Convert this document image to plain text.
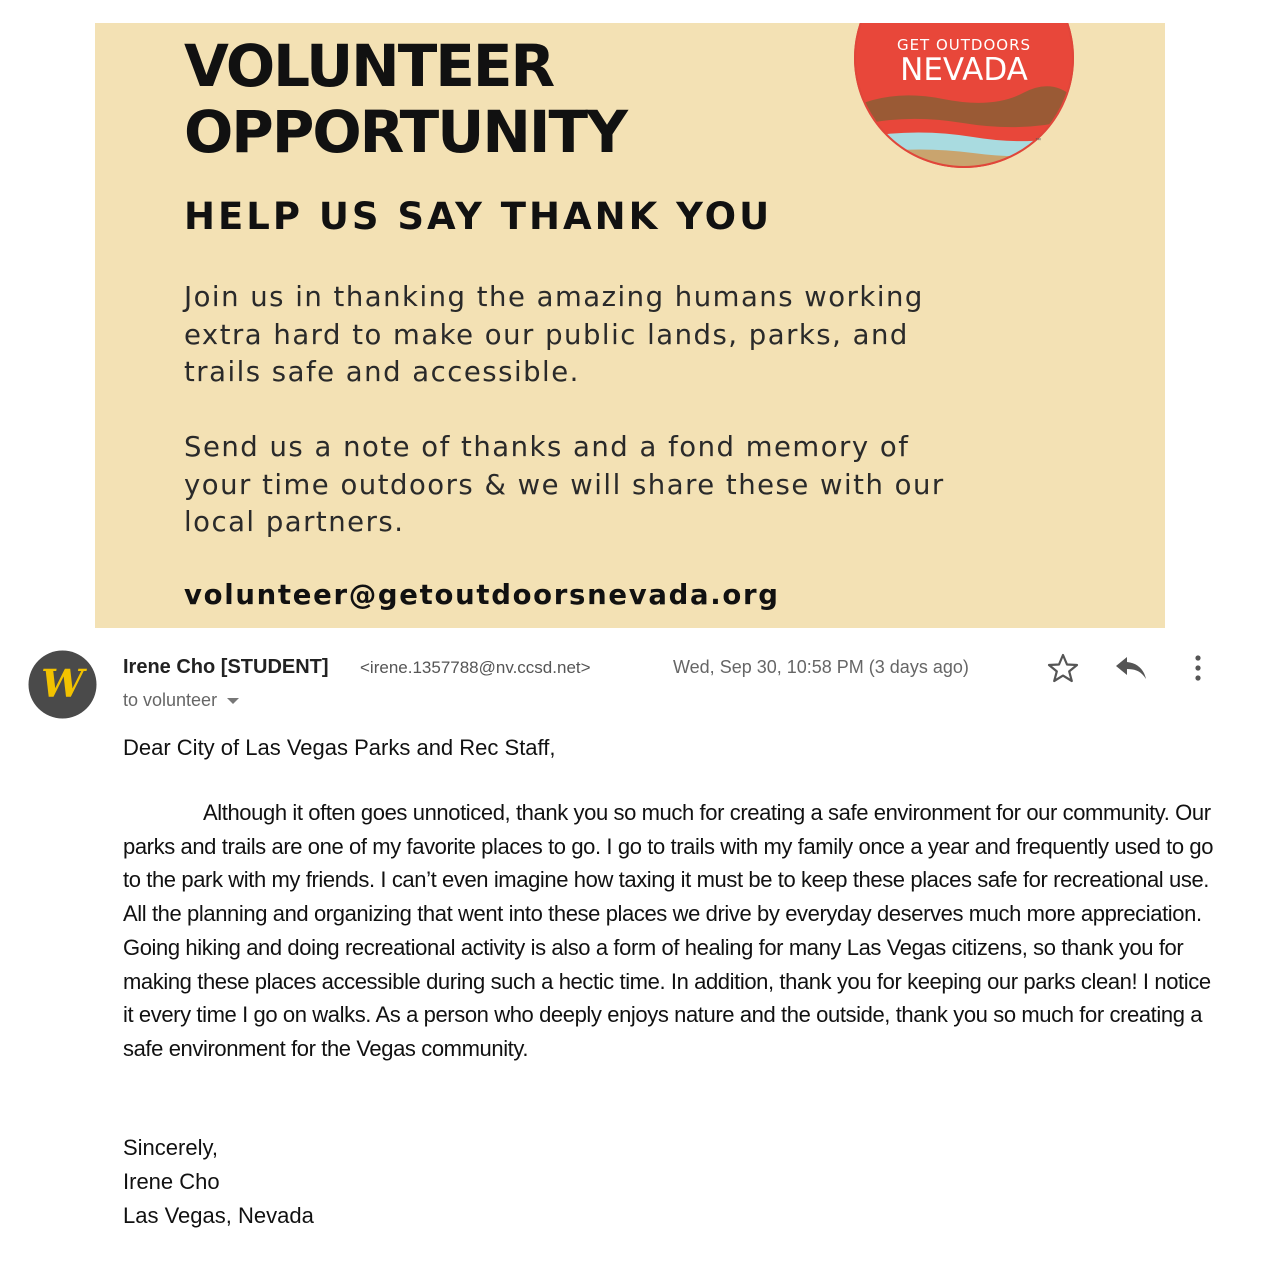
VOLUNTEER
OPPORTUNITY
HELP US SAY THANK YOU

Join us in thanking the amazing humans working extra hard to make our public lands, parks, and trails safe and accessible.

Send us a note of thanks and a fond memory of your time outdoors & we will share these with our local partners.

volunteer@getoutdoorsnevada.org
GET OUTDOORS
NEVADA
™
W Irene Cho [STUDENT] <irene.1357788@nv.ccsd.net>	Wed, Sep 30, 10:58 PM (3 days ago)
to volunteer

Dear City of Las Vegas Parks and Rec Staff,

Although it often goes unnoticed, thank you so much for creating a safe environment for our community. Our parks and trails are one of my favorite places to go. I go to trails with my family once a year and frequently used to go to the park with my friends. I can’t even imagine how taxing it must be to keep these places safe for recreational use. All the planning and organizing that went into these places we drive by everyday deserves much more appreciation. Going hiking and doing recreational activity is also a form of healing for many Las Vegas citizens, so thank you for making these places accessible during such a hectic time. In addition, thank you for keeping our parks clean! I notice it every time I go on walks. As a person who deeply enjoys nature and the outside, thank you so much for creating a safe environment for the Vegas community.

Sincerely,

Irene Cho

Las Vegas, Nevada
